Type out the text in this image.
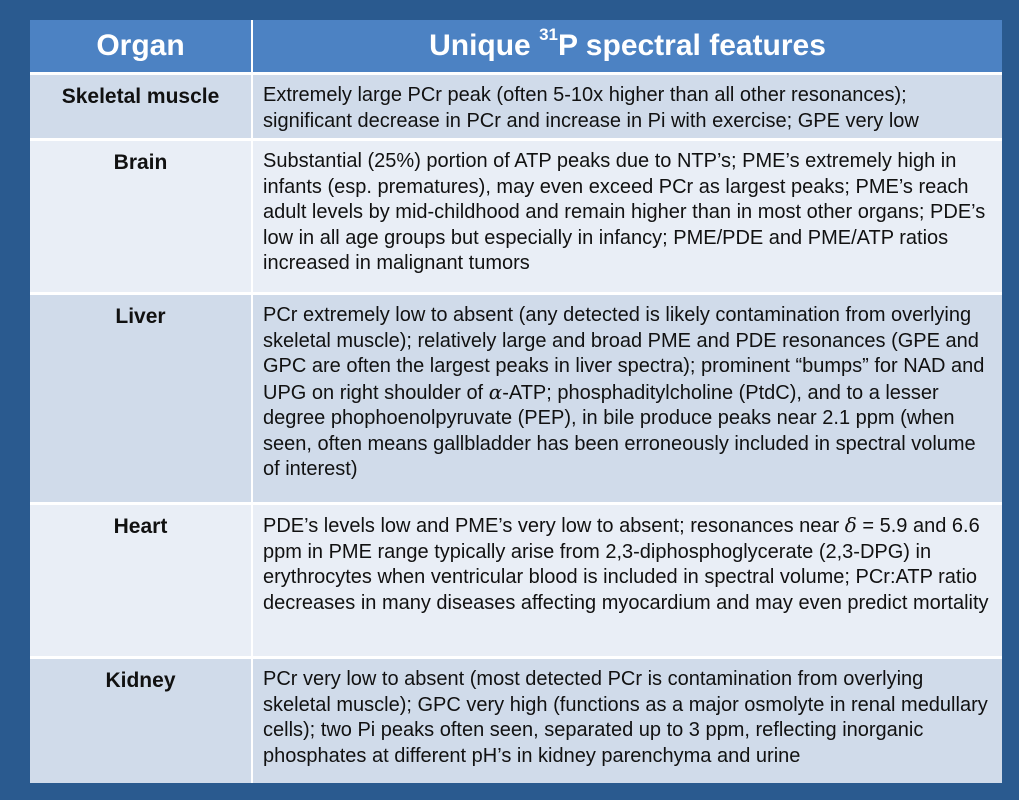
Organ	Unique $^{31}$P spectral features
Skeletal muscle	Extremely large PCr peak (often 5-10x higher than all other resonances); significant decrease in PCr and increase in Pi with exercise; GPE very low
Brain	Substantial (25%) portion of ATP peaks due to NTP’s; PME’s extremely high in infants (esp. prematures), may even exceed PCr as largest peaks; PME’s reach adult levels by mid-childhood and remain higher than in most other organs; PDE’s low in all age groups but especially in infancy; PME/PDE and PME/ATP ratios increased in malignant tumors
Liver	PCr extremely low to absent (any detected is likely contamination from overlying skeletal muscle); relatively large and broad PME and PDE resonances (GPE and GPC are often the largest peaks in liver spectra); prominent “bumps” for NAD and UPG on right shoulder of α-ATP; phosphaditylcholine (PtdC), and to a lesser degree phophoenolpyruvate (PEP), in bile produce peaks near 2.1 ppm (when seen, often means gallbladder has been erroneously included in spectral volume of interest)
Heart	PDE’s levels low and PME’s very low to absent; resonances near δ = 5.9 and 6.6 ppm in PME range typically arise from 2,3-diphosphoglycerate (2,3-DPG) in erythrocytes when ventricular blood is included in spectral volume; PCr:ATP ratio decreases in many diseases affecting myocardium and may even predict mortality
Kidney	PCr very low to absent (most detected PCr is contamination from overlying skeletal muscle); GPC very high (functions as a major osmolyte in renal medullary cells); two Pi peaks often seen, separated up to 3 ppm, reflecting inorganic phosphates at different pH’s in kidney parenchyma and urine
